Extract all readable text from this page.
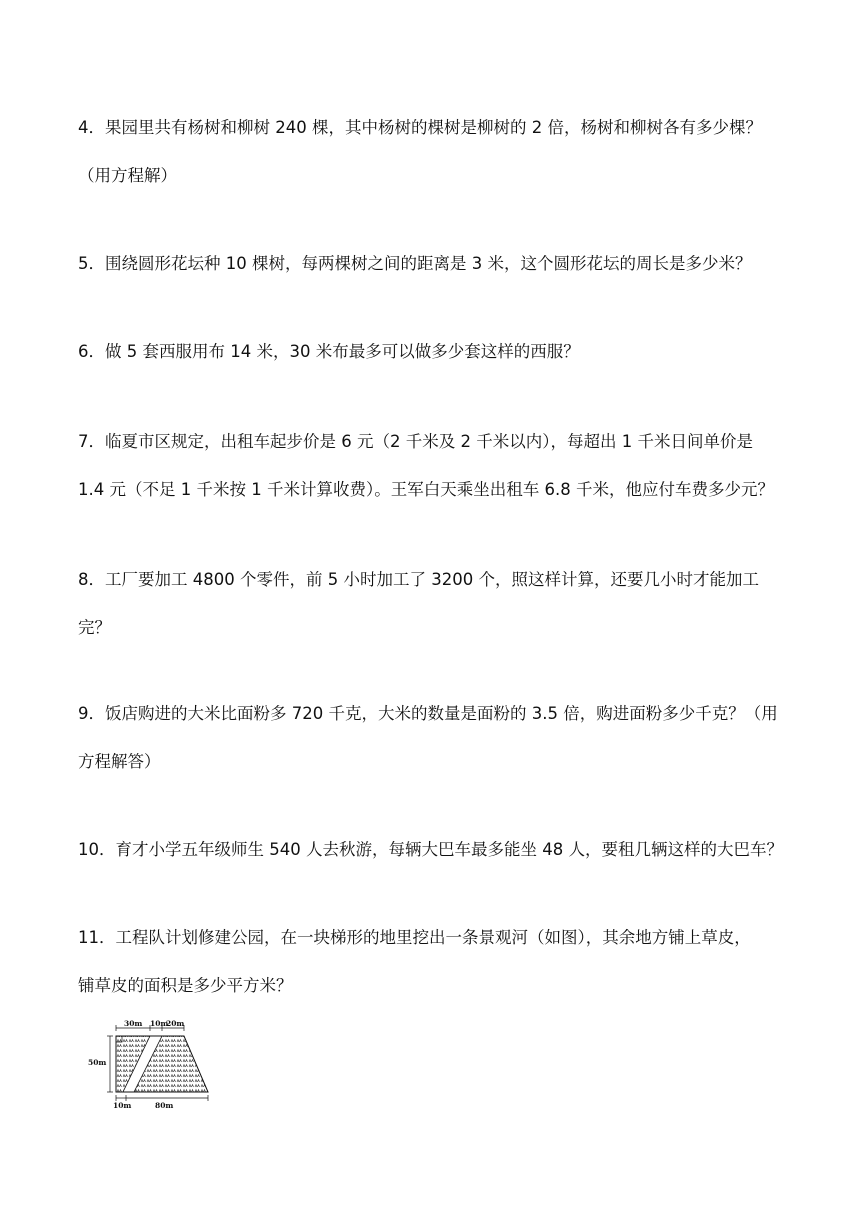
4．果园里共有杨树和柳树 240 棵，其中杨树的棵树是柳树的 2 倍，杨树和柳树各有多少棵？

（用方程解）

5．围绕圆形花坛种 10 棵树，每两棵树之间的距离是 3 米，这个圆形花坛的周长是多少米？

6．做 5 套西服用布 14 米，30 米布最多可以做多少套这样的西服？

7．临夏市区规定，出租车起步价是 6 元（2 千米及 2 千米以内），每超出 1 千米日间单价是

1.4 元（不足 1 千米按 1 千米计算收费）。王军白天乘坐出租车 6.8 千米，他应付车费多少元？

8．工厂要加工 4800 个零件，前 5 小时加工了 3200 个，照这样计算，还要几小时才能加工

完？

9．饭店购进的大米比面粉多 720 千克，大米的数量是面粉的 3.5 倍，购进面粉多少千克？（用

方程解答）

10．育才小学五年级师生 540 人去秋游，每辆大巴车最多能坐 48 人，要租几辆这样的大巴车？

11．工程队计划修建公园，在一块梯形的地里挖出一条景观河（如图），其余地方铺上草皮，

铺草皮的面积是多少平方米？

30m 10m
20m
50m
10m	80m
